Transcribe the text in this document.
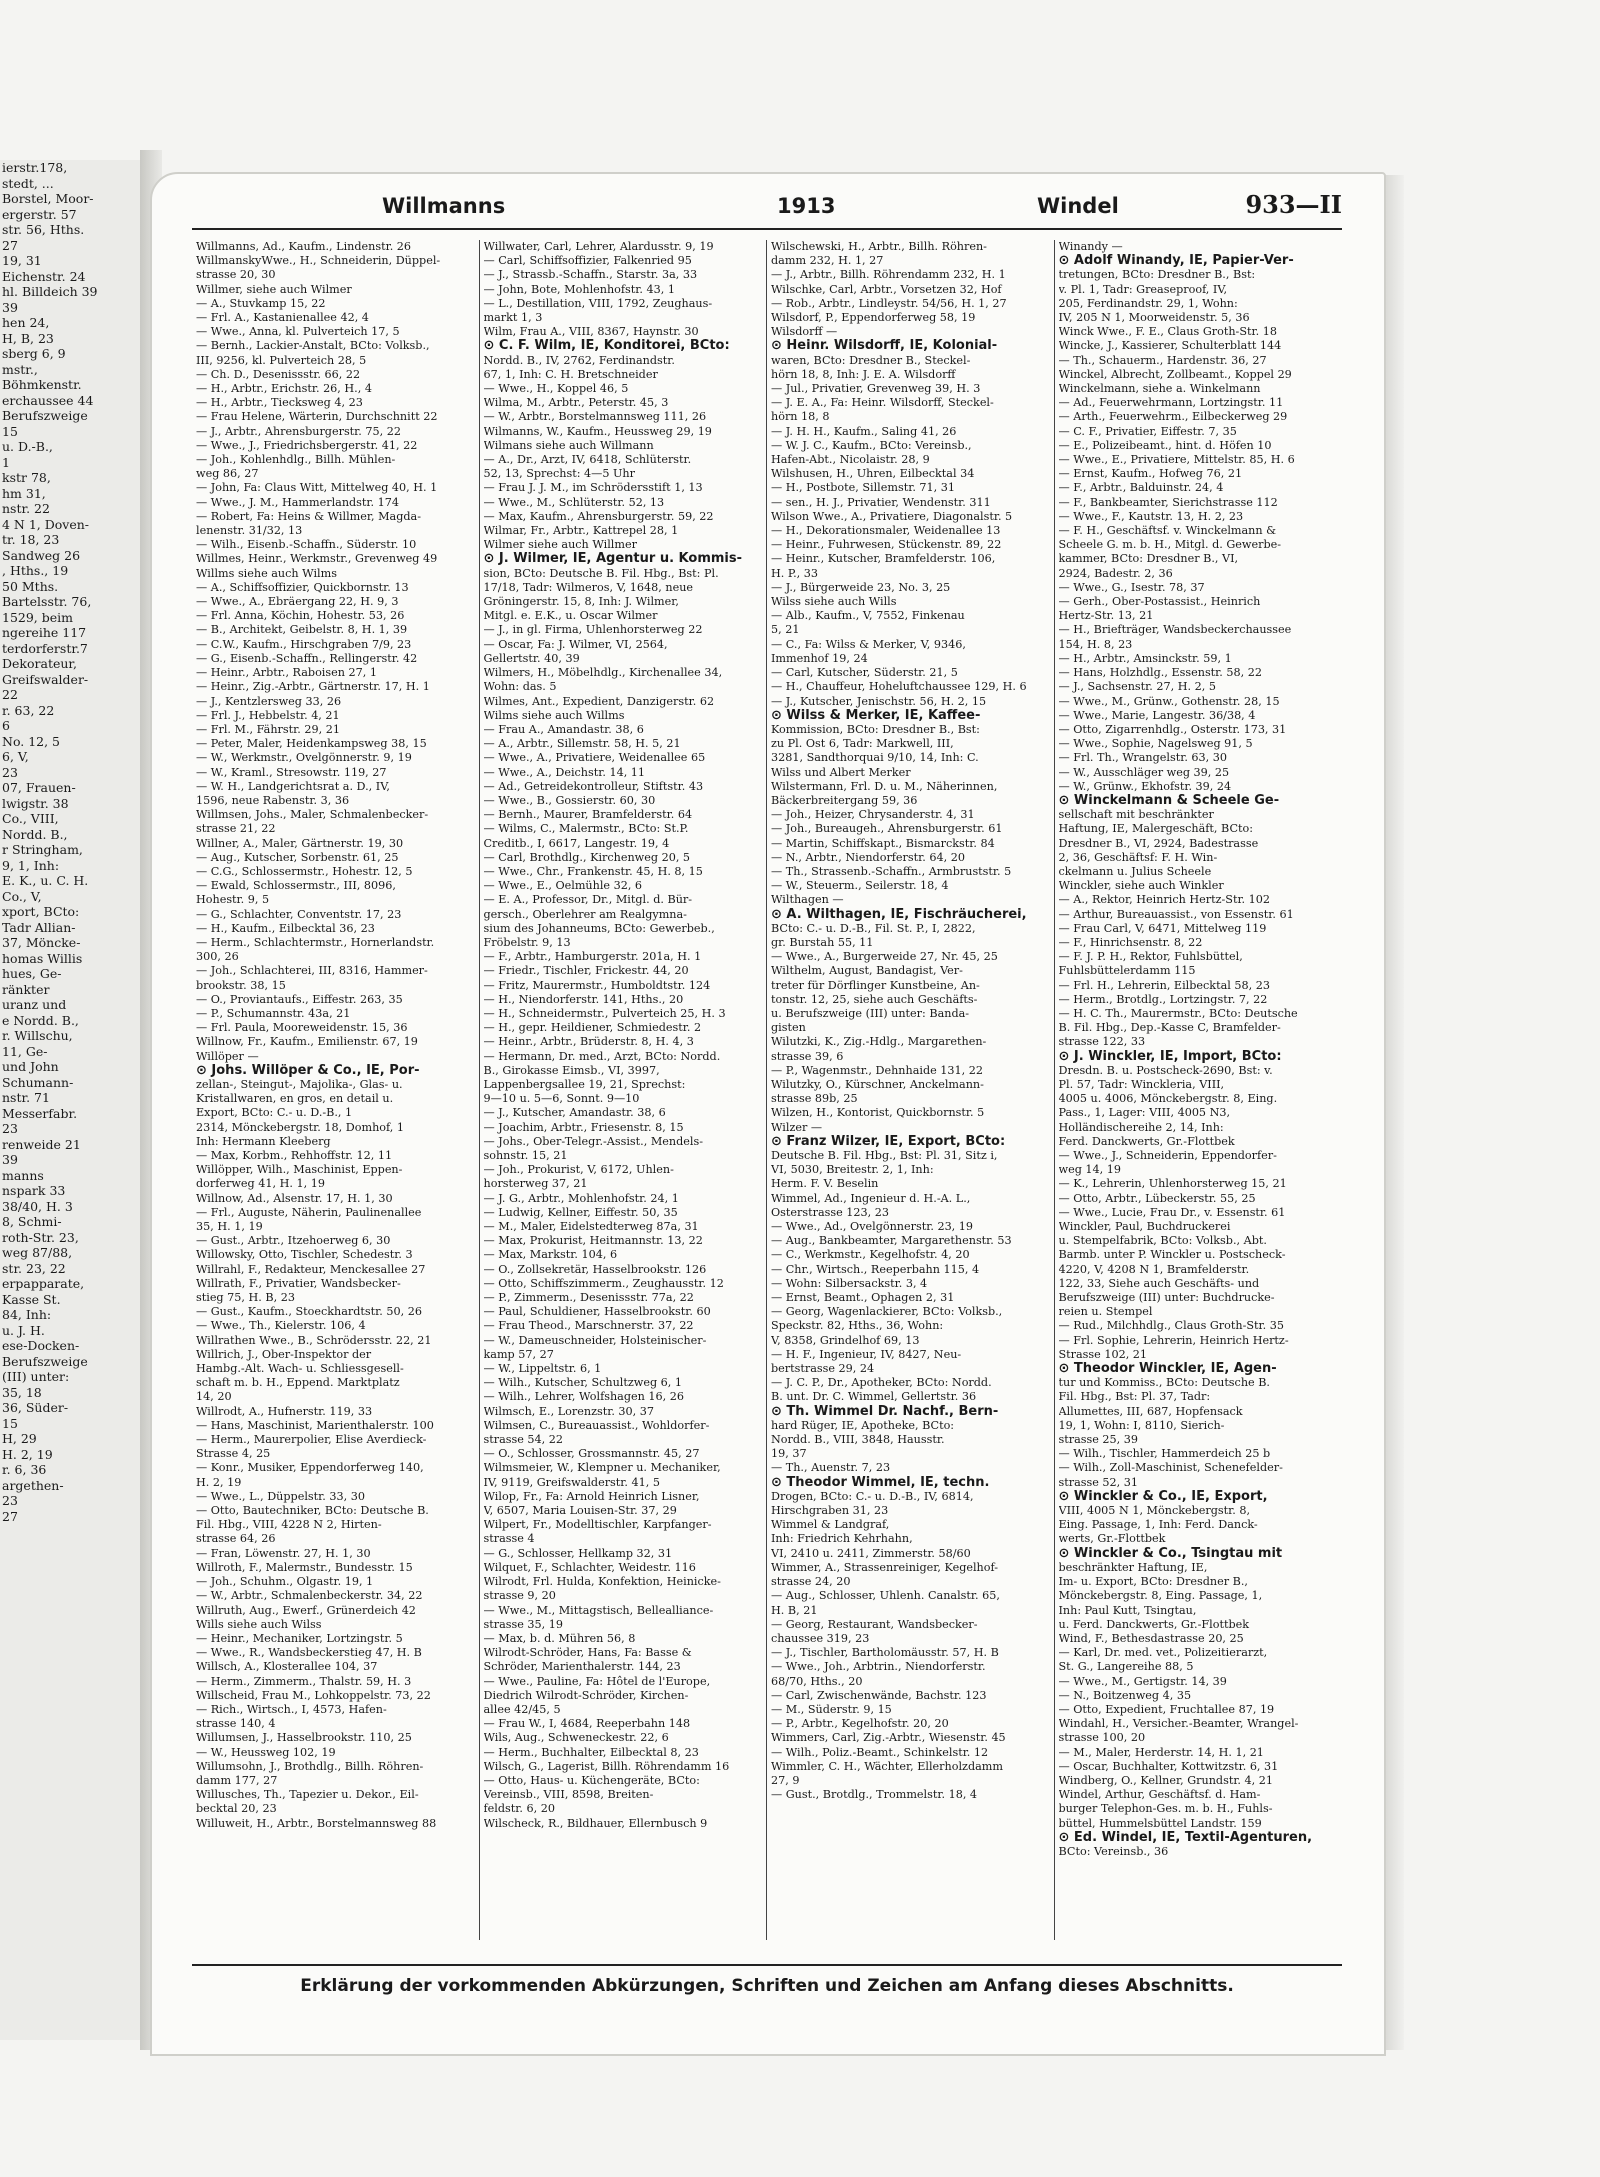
ierstr.178,
stedt, ...
Borstel, Moor-
ergerstr. 57
str. 56, Hths.
27
19, 31
Eichenstr. 24
hl. Billdeich 39
39
hen 24,
H, B, 23
sberg 6, 9
mstr.,
Böhmkenstr.
erchaussee 44
Berufszweige
15
u. D.-B.,
1
kstr 78,
hm 31,
nstr. 22
4 N 1, Doven-
tr. 18, 23
Sandweg 26
, Hths., 19
50 Mths.
Bartelsstr. 76,
1529, beim
ngereihe 117
terdorferstr.7
Dekorateur,
Greifswalder-
22
r. 63, 22
6
No. 12, 5
6, V,
23
07, Frauen-
lwigstr. 38
Co., VIII,
Nordd. B.,
r Stringham,
9, 1, Inh:
E. K., u. C. H.
Co., V,
xport, BCto:
Tadr Allian-
37, Möncke-
homas Willis
hues, Ge-
ränkter
uranz und
e Nordd. B.,
r. Willschu,
11, Ge-
und John
Schumann-
nstr. 71
Messerfabr.
23
renweide 21
39
manns
nspark 33
38/40, H. 3
8, Schmi-
roth-Str. 23,
weg 87/88,
str. 23, 22
erpapparate,
Kasse St.
84, Inh:
u. J. H.
ese-Docken-
Berufszweige
(III) unter:
35, 18
36, Süder-
15
H, 29
H. 2, 19
r. 6, 36
argethen-
23
27
Willmanns	1913	Windel	933—II
Willmanns, Ad., Kaufm., Lindenstr. 26
WillmanskyWwe., H., Schneiderin, Düppel-
strasse 20, 30
Willmer, siehe auch Wilmer
— A., Stuvkamp 15, 22
— Frl. A., Kastanienallee 42, 4
— Wwe., Anna, kl. Pulverteich 17, 5
— Bernh., Lackier-Anstalt, BCto: Volksb.,
III, 9256, kl. Pulverteich 28, 5
— Ch. D., Desenissstr. 66, 22
— H., Arbtr., Erichstr. 26, H., 4
— H., Arbtr., Tiecksweg 4, 23
— Frau Helene, Wärterin, Durchschnitt 22
— J., Arbtr., Ahrensburgerstr. 75, 22
— Wwe., J., Friedrichsbergerstr. 41, 22
— Joh., Kohlenhdlg., Billh. Mühlen-
weg 86, 27
— John, Fa: Claus Witt, Mittelweg 40, H. 1
— Wwe., J. M., Hammerlandstr. 174
— Robert, Fa: Heins & Willmer, Magda-
lenenstr. 31/32, 13
— Wilh., Eisenb.-Schaffn., Süderstr. 10
Willmes, Heinr., Werkmstr., Grevenweg 49
Willms siehe auch Wilms
— A., Schiffsoffizier, Quickbornstr. 13
— Wwe., A., Ebräergang 22, H. 9, 3
— Frl. Anna, Köchin, Hohestr. 53, 26
— B., Architekt, Geibelstr. 8, H. 1, 39
— C.W., Kaufm., Hirschgraben 7/9, 23
— G., Eisenb.-Schaffn., Rellingerstr. 42
— Heinr., Arbtr., Raboisen 27, 1
— Heinr., Zig.-Arbtr., Gärtnerstr. 17, H. 1
— J., Kentzlersweg 33, 26
— Frl. J., Hebbelstr. 4, 21
— Frl. M., Fährstr. 29, 21
— Peter, Maler, Heidenkampsweg 38, 15
— W., Werkmstr., Ovelgönnerstr. 9, 19
— W., Kraml., Stresowstr. 119, 27
— W. H., Landgerichtsrat a. D., IV,
1596, neue Rabenstr. 3, 36
Willmsen, Johs., Maler, Schmalenbecker-
strasse 21, 22
Willner, A., Maler, Gärtnerstr. 19, 30
— Aug., Kutscher, Sorbenstr. 61, 25
— C.G., Schlossermstr., Hohestr. 12, 5
— Ewald, Schlossermstr., III, 8096,
Hohestr. 9, 5
— G., Schlachter, Conventstr. 17, 23
— H., Kaufm., Eilbecktal 36, 23
— Herm., Schlachtermstr., Hornerlandstr.
300, 26
— Joh., Schlachterei, III, 8316, Hammer-
brookstr. 38, 15
— O., Proviantaufs., Eiffestr. 263, 35
— P., Schumannstr. 43a, 21
— Frl. Paula, Mooreweidenstr. 15, 36
Willnow, Fr., Kaufm., Emilienstr. 67, 19
Willöper —
⊙ Johs. Willöper & Co., IE, Por-
zellan-, Steingut-, Majolika-, Glas- u.
Kristallwaren, en gros, en detail u.
Export, BCto: C.- u. D.-B., 1
2314, Mönckebergstr. 18, Domhof, 1
Inh: Hermann Kleeberg
— Max, Korbm., Rehhoffstr. 12, 11
Willöpper, Wilh., Maschinist, Eppen-
dorferweg 41, H. 1, 19
Willnow, Ad., Alsenstr. 17, H. 1, 30
— Frl., Auguste, Näherin, Paulinenallee
35, H. 1, 19
— Gust., Arbtr., Itzehoerweg 6, 30
Willowsky, Otto, Tischler, Schedestr. 3
Willrahl, F., Redakteur, Menckesallee 27
Willrath, F., Privatier, Wandsbecker-
stieg 75, H. B, 23
— Gust., Kaufm., Stoeckhardtstr. 50, 26
— Wwe., Th., Kielerstr. 106, 4
Willrathen Wwe., B., Schrödersstr. 22, 21
Willrich, J., Ober-Inspektor der
Hambg.-Alt. Wach- u. Schliessgesell-
schaft m. b. H., Eppend. Marktplatz
14, 20
Willrodt, A., Hufnerstr. 119, 33
— Hans, Maschinist, Marienthalerstr. 100
— Herm., Maurerpolier, Elise Averdieck-
Strasse 4, 25
— Konr., Musiker, Eppendorferweg 140,
H. 2, 19
— Wwe., L., Düppelstr. 33, 30
— Otto, Bautechniker, BCto: Deutsche B.
Fil. Hbg., VIII, 4228 N 2, Hirten-
strasse 64, 26
— Fran, Löwenstr. 27, H. 1, 30
Willroth, F., Malermstr., Bundesstr. 15
— Joh., Schuhm., Olgastr. 19, 1
— W., Arbtr., Schmalenbeckerstr. 34, 22
Willruth, Aug., Ewerf., Grünerdeich 42
Wills siehe auch Wilss
— Heinr., Mechaniker, Lortzingstr. 5
— Wwe., R., Wandsbeckerstieg 47, H. B
Willsch, A., Klosterallee 104, 37
— Herm., Zimmerm., Thalstr. 59, H. 3
Willscheid, Frau M., Lohkoppelstr. 73, 22
— Rich., Wirtsch., I, 4573, Hafen-
strasse 140, 4
Willumsen, J., Hasselbrookstr. 110, 25
— W., Heussweg 102, 19
Willumsohn, J., Brothdlg., Billh. Röhren-
damm 177, 27
Willusches, Th., Tapezier u. Dekor., Eil-
becktal 20, 23
Willuweit, H., Arbtr., Borstelmannsweg 88
Willwater, Carl, Lehrer, Alardusstr. 9, 19
— Carl, Schiffsoffizier, Falkenried 95
— J., Strassb.-Schaffn., Starstr. 3a, 33
— John, Bote, Mohlenhofstr. 43, 1
— L., Destillation, VIII, 1792, Zeughaus-
markt 1, 3
Wilm, Frau A., VIII, 8367, Haynstr. 30
⊙ C. F. Wilm, IE, Konditorei, BCto:
Nordd. B., IV, 2762, Ferdinandstr.
67, 1, Inh: C. H. Bretschneider
— Wwe., H., Koppel 46, 5
Wilma, M., Arbtr., Peterstr. 45, 3
— W., Arbtr., Borstelmannsweg 111, 26
Wilmanns, W., Kaufm., Heussweg 29, 19
Wilmans siehe auch Willmann
— A., Dr., Arzt, IV, 6418, Schlüterstr.
52, 13, Sprechst: 4—5 Uhr
— Frau J. J. M., im Schrödersstift 1, 13
— Wwe., M., Schlüterstr. 52, 13
— Max, Kaufm., Ahrensburgerstr. 59, 22
Wilmar, Fr., Arbtr., Kattrepel 28, 1
Wilmer siehe auch Willmer
⊙ J. Wilmer, IE, Agentur u. Kommis-
sion, BCto: Deutsche B. Fil. Hbg., Bst: Pl.
17/18, Tadr: Wilmeros, V, 1648, neue
Gröningerstr. 15, 8, Inh: J. Wilmer,
Mitgl. e. E.K., u. Oscar Wilmer
— J., in gl. Firma, Uhlenhorsterweg 22
— Oscar, Fa: J. Wilmer, VI, 2564,
Gellertstr. 40, 39
Wilmers, H., Möbelhdlg., Kirchenallee 34,
Wohn: das. 5
Wilmes, Ant., Expedient, Danzigerstr. 62
Wilms siehe auch Willms
— Frau A., Amandastr. 38, 6
— A., Arbtr., Sillemstr. 58, H. 5, 21
— Wwe., A., Privatiere, Weidenallee 65
— Wwe., A., Deichstr. 14, 11
— Ad., Getreidekontrolleur, Stiftstr. 43
— Wwe., B., Gossierstr. 60, 30
— Bernh., Maurer, Bramfelderstr. 64
— Wilms, C., Malermstr., BCto: St.P.
Creditb., I, 6617, Langestr. 19, 4
— Carl, Brothdlg., Kirchenweg 20, 5
— Wwe., Chr., Frankenstr. 45, H. 8, 15
— Wwe., E., Oelmühle 32, 6
— E. A., Professor, Dr., Mitgl. d. Bür-
gersch., Oberlehrer am Realgymna-
sium des Johanneums, BCto: Gewerbeb.,
Fröbelstr. 9, 13
— F., Arbtr., Hamburgerstr. 201a, H. 1
— Friedr., Tischler, Frickestr. 44, 20
— Fritz, Maurermstr., Humboldtstr. 124
— H., Niendorferstr. 141, Hths., 20
— H., Schneidermstr., Pulverteich 25, H. 3
— H., gepr. Heildiener, Schmiedestr. 2
— Heinr., Arbtr., Brüderstr. 8, H. 4, 3
— Hermann, Dr. med., Arzt, BCto: Nordd.
B., Girokasse Eimsb., VI, 3997,
Lappenbergsallee 19, 21, Sprechst:
9—10 u. 5—6, Sonnt. 9—10
— J., Kutscher, Amandastr. 38, 6
— Joachim, Arbtr., Friesenstr. 8, 15
— Johs., Ober-Telegr.-Assist., Mendels-
sohnstr. 15, 21
— Joh., Prokurist, V, 6172, Uhlen-
horsterweg 37, 21
— J. G., Arbtr., Mohlenhofstr. 24, 1
— Ludwig, Kellner, Eiffestr. 50, 35
— M., Maler, Eidelstedterweg 87a, 31
— Max, Prokurist, Heitmannstr. 13, 22
— Max, Markstr. 104, 6
— O., Zollsekretär, Hasselbrookstr. 126
— Otto, Schiffszimmerm., Zeughausstr. 12
— P., Zimmerm., Desenissstr. 77a, 22
— Paul, Schuldiener, Hasselbrookstr. 60
— Frau Theod., Marschnerstr. 37, 22
— W., Dameuschneider, Holsteinischer-
kamp 57, 27
— W., Lippeltstr. 6, 1
— Wilh., Kutscher, Schultzweg 6, 1
— Wilh., Lehrer, Wolfshagen 16, 26
Wilmsch, E., Lorenzstr. 30, 37
Wilmsen, C., Bureauassist., Wohldorfer-
strasse 54, 22
— O., Schlosser, Grossmannstr. 45, 27
Wilmsmeier, W., Klempner u. Mechaniker,
IV, 9119, Greifswalderstr. 41, 5
Wilop, Fr., Fa: Arnold Heinrich Lisner,
V, 6507, Maria Louisen-Str. 37, 29
Wilpert, Fr., Modelltischler, Karpfanger-
strasse 4
— G., Schlosser, Hellkamp 32, 31
Wilquet, F., Schlachter, Weidestr. 116
Wilrodt, Frl. Hulda, Konfektion, Heinicke-
strasse 9, 20
— Wwe., M., Mittagstisch, Bellealliance-
strasse 35, 19
— Max, b. d. Mühren 56, 8
Wilrodt-Schröder, Hans, Fa: Basse &
Schröder, Marienthalerstr. 144, 23
— Wwe., Pauline, Fa: Hôtel de l'Europe,
Diedrich Wilrodt-Schröder, Kirchen-
allee 42/45, 5
— Frau W., I, 4684, Reeperbahn 148
Wils, Aug., Schweneckestr. 22, 6
— Herm., Buchhalter, Eilbecktal 8, 23
Wilsch, G., Lagerist, Billh. Röhrendamm 16
— Otto, Haus- u. Küchengeräte, BCto:
Vereinsb., VIII, 8598, Breiten-
feldstr. 6, 20
Wilscheck, R., Bildhauer, Ellernbusch 9
Wilschewski, H., Arbtr., Billh. Röhren-
damm 232, H. 1, 27
— J., Arbtr., Billh. Röhrendamm 232, H. 1
Wilschke, Carl, Arbtr., Vorsetzen 32, Hof
— Rob., Arbtr., Lindleystr. 54/56, H. 1, 27
Wilsdorf, P., Eppendorferweg 58, 19
Wilsdorff —
⊙ Heinr. Wilsdorff, IE, Kolonial-
waren, BCto: Dresdner B., Steckel-
hörn 18, 8, Inh: J. E. A. Wilsdorff
— Jul., Privatier, Grevenweg 39, H. 3
— J. E. A., Fa: Heinr. Wilsdorff, Steckel-
hörn 18, 8
— J. H. H., Kaufm., Saling 41, 26
— W. J. C., Kaufm., BCto: Vereinsb.,
Hafen-Abt., Nicolaistr. 28, 9
Wilshusen, H., Uhren, Eilbecktal 34
— H., Postbote, Sillemstr. 71, 31
— sen., H. J., Privatier, Wendenstr. 311
Wilson Wwe., A., Privatiere, Diagonalstr. 5
— H., Dekorationsmaler, Weidenallee 13
— Heinr., Fuhrwesen, Stückenstr. 89, 22
— Heinr., Kutscher, Bramfelderstr. 106,
H. P., 33
— J., Bürgerweide 23, No. 3, 25
Wilss siehe auch Wills
— Alb., Kaufm., V, 7552, Finkenau
5, 21
— C., Fa: Wilss & Merker, V, 9346,
Immenhof 19, 24
— Carl, Kutscher, Süderstr. 21, 5
— H., Chauffeur, Hoheluftchaussee 129, H. 6
— J., Kutscher, Jenischstr. 56, H. 2, 15
⊙ Wilss & Merker, IE, Kaffee-
Kommission, BCto: Dresdner B., Bst:
zu Pl. Ost 6, Tadr: Markwell, III,
3281, Sandthorquai 9/10, 14, Inh: C.
Wilss und Albert Merker
Wilstermann, Frl. D. u. M., Näherinnen,
Bäckerbreitergang 59, 36
— Joh., Heizer, Chrysanderstr. 4, 31
— Joh., Bureaugeh., Ahrensburgerstr. 61
— Martin, Schiffskapt., Bismarckstr. 84
— N., Arbtr., Niendorferstr. 64, 20
— Th., Strassenb.-Schaffn., Armbruststr. 5
— W., Steuerm., Seilerstr. 18, 4
Wilthagen —
⊙ A. Wilthagen, IE, Fischräucherei,
BCto: C.- u. D.-B., Fil. St. P., I, 2822,
gr. Burstah 55, 11
— Wwe., A., Burgerweide 27, Nr. 45, 25
Wilthelm, August, Bandagist, Ver-
treter für Dörflinger Kunstbeine, An-
tonstr. 12, 25, siehe auch Geschäfts-
u. Berufszweige (III) unter: Banda-
gisten
Wilutzki, K., Zig.-Hdlg., Margarethen-
strasse 39, 6
— P., Wagenmstr., Dehnhaide 131, 22
Wilutzky, O., Kürschner, Anckelmann-
strasse 89b, 25
Wilzen, H., Kontorist, Quickbornstr. 5
Wilzer —
⊙ Franz Wilzer, IE, Export, BCto:
Deutsche B. Fil. Hbg., Bst: Pl. 31, Sitz i,
VI, 5030, Breitestr. 2, 1, Inh:
Herm. F. V. Beselin
Wimmel, Ad., Ingenieur d. H.-A. L.,
Osterstrasse 123, 23
— Wwe., Ad., Ovelgönnerstr. 23, 19
— Aug., Bankbeamter, Margarethenstr. 53
— C., Werkmstr., Kegelhofstr. 4, 20
— Chr., Wirtsch., Reeperbahn 115, 4
— Wohn: Silbersackstr. 3, 4
— Ernst, Beamt., Ophagen 2, 31
— Georg, Wagenlackierer, BCto: Volksb.,
Speckstr. 82, Hths., 36, Wohn:
V, 8358, Grindelhof 69, 13
— H. F., Ingenieur, IV, 8427, Neu-
bertstrasse 29, 24
— J. C. P., Dr., Apotheker, BCto: Nordd.
B. unt. Dr. C. Wimmel, Gellertstr. 36
⊙ Th. Wimmel Dr. Nachf., Bern-
hard Rüger, IE, Apotheke, BCto:
Nordd. B., VIII, 3848, Hausstr.
19, 37
— Th., Auenstr. 7, 23
⊙ Theodor Wimmel, IE, techn.
Drogen, BCto: C.- u. D.-B., IV, 6814,
Hirschgraben 31, 23
Wimmel & Landgraf,
Inh: Friedrich Kehrhahn,
VI, 2410 u. 2411, Zimmerstr. 58/60
Wimmer, A., Strassenreiniger, Kegelhof-
strasse 24, 20
— Aug., Schlosser, Uhlenh. Canalstr. 65,
H. B, 21
— Georg, Restaurant, Wandsbecker-
chaussee 319, 23
— J., Tischler, Bartholomäusstr. 57, H. B
— Wwe., Joh., Arbtrin., Niendorferstr.
68/70, Hths., 20
— Carl, Zwischenwände, Bachstr. 123
— M., Süderstr. 9, 15
— P., Arbtr., Kegelhofstr. 20, 20
Wimmers, Carl, Zig.-Arbtr., Wiesenstr. 45
— Wilh., Poliz.-Beamt., Schinkelstr. 12
Wimmler, C. H., Wächter, Ellerholzdamm
27, 9
— Gust., Brotdlg., Trommelstr. 18, 4
Winandy —
⊙ Adolf Winandy, IE, Papier-Ver-
tretungen, BCto: Dresdner B., Bst:
v. Pl. 1, Tadr: Greaseproof, IV,
205, Ferdinandstr. 29, 1, Wohn:
IV, 205 N 1, Moorweidenstr. 5, 36
Winck Wwe., F. E., Claus Groth-Str. 18
Wincke, J., Kassierer, Schulterblatt 144
— Th., Schauerm., Hardenstr. 36, 27
Winckel, Albrecht, Zollbeamt., Koppel 29
Winckelmann, siehe a. Winkelmann
— Ad., Feuerwehrmann, Lortzingstr. 11
— Arth., Feuerwehrm., Eilbeckerweg 29
— C. F., Privatier, Eiffestr. 7, 35
— E., Polizeibeamt., hint. d. Höfen 10
— Wwe., E., Privatiere, Mittelstr. 85, H. 6
— Ernst, Kaufm., Hofweg 76, 21
— F., Arbtr., Balduinstr. 24, 4
— F., Bankbeamter, Sierichstrasse 112
— Wwe., F., Kautstr. 13, H. 2, 23
— F. H., Geschäftsf. v. Winckelmann &
Scheele G. m. b. H., Mitgl. d. Gewerbe-
kammer, BCto: Dresdner B., VI,
2924, Badestr. 2, 36
— Wwe., G., Isestr. 78, 37
— Gerh., Ober-Postassist., Heinrich
Hertz-Str. 13, 21
— H., Briefträger, Wandsbeckerchaussee
154, H. 8, 23
— H., Arbtr., Amsinckstr. 59, 1
— Hans, Holzhdlg., Essenstr. 58, 22
— J., Sachsenstr. 27, H. 2, 5
— Wwe., M., Grünw., Gothenstr. 28, 15
— Wwe., Marie, Langestr. 36/38, 4
— Otto, Zigarrenhdlg., Osterstr. 173, 31
— Wwe., Sophie, Nagelsweg 91, 5
— Frl. Th., Wrangelstr. 63, 30
— W., Ausschläger weg 39, 25
— W., Grünw., Ekhofstr. 39, 24
⊙ Winckelmann & Scheele Ge-
sellschaft mit beschränkter
Haftung, IE, Malergeschäft, BCto:
Dresdner B., VI, 2924, Badestrasse
2, 36, Geschäftsf: F. H. Win-
ckelmann u. Julius Scheele
Winckler, siehe auch Winkler
— A., Rektor, Heinrich Hertz-Str. 102
— Arthur, Bureauassist., von Essenstr. 61
— Frau Carl, V, 6471, Mittelweg 119
— F., Hinrichsenstr. 8, 22
— F. J. P. H., Rektor, Fuhlsbüttel,
Fuhlsbüttelerdamm 115
— Frl. H., Lehrerin, Eilbecktal 58, 23
— Herm., Brotdlg., Lortzingstr. 7, 22
— H. C. Th., Maurermstr., BCto: Deutsche
B. Fil. Hbg., Dep.-Kasse C, Bramfelder-
strasse 122, 33
⊙ J. Winckler, IE, Import, BCto:
Dresdn. B. u. Postscheck-2690, Bst: v.
Pl. 57, Tadr: Winckleria, VIII,
4005 u. 4006, Mönckebergstr. 8, Eing.
Pass., 1, Lager: VIII, 4005 N3,
Holländischereihe 2, 14, Inh:
Ferd. Danckwerts, Gr.-Flottbek
— Wwe., J., Schneiderin, Eppendorfer-
weg 14, 19
— K., Lehrerin, Uhlenhorsterweg 15, 21
— Otto, Arbtr., Lübeckerstr. 55, 25
— Wwe., Lucie, Frau Dr., v. Essenstr. 61
Winckler, Paul, Buchdruckerei
u. Stempelfabrik, BCto: Volksb., Abt.
Barmb. unter P. Winckler u. Postscheck-
4220, V, 4208 N 1, Bramfelderstr.
122, 33, Siehe auch Geschäfts- und
Berufszweige (III) unter: Buchdrucke-
reien u. Stempel
— Rud., Milchhdlg., Claus Groth-Str. 35
— Frl. Sophie, Lehrerin, Heinrich Hertz-
Strasse 102, 21
⊙ Theodor Winckler, IE, Agen-
tur und Kommiss., BCto: Deutsche B.
Fil. Hbg., Bst: Pl. 37, Tadr:
Allumettes, III, 687, Hopfensack
19, 1, Wohn: I, 8110, Sierich-
strasse 25, 39
— Wilh., Tischler, Hammerdeich 25 b
— Wilh., Zoll-Maschinist, Schenefelder-
strasse 52, 31
⊙ Winckler & Co., IE, Export,
VIII, 4005 N 1, Mönckebergstr. 8,
Eing. Passage, 1, Inh: Ferd. Danck-
werts, Gr.-Flottbek
⊙ Winckler & Co., Tsingtau mit
beschränkter Haftung, IE,
Im- u. Export, BCto: Dresdner B.,
Mönckebergstr. 8, Eing. Passage, 1,
Inh: Paul Kutt, Tsingtau,
u. Ferd. Danckwerts, Gr.-Flottbek
Wind, F., Bethesdastrasse 20, 25
— Karl, Dr. med. vet., Polizeitierarzt,
St. G., Langereihe 88, 5
— Wwe., M., Gertigstr. 14, 39
— N., Boitzenweg 4, 35
— Otto, Expedient, Fruchtallee 87, 19
Windahl, H., Versicher.-Beamter, Wrangel-
strasse 100, 20
— M., Maler, Herderstr. 14, H. 1, 21
— Oscar, Buchhalter, Kottwitzstr. 6, 31
Windberg, O., Kellner, Grundstr. 4, 21
Windel, Arthur, Geschäftsf. d. Ham-
burger Telephon-Ges. m. b. H., Fuhls-
büttel, Hummelsbüttel Landstr. 159
⊙ Ed. Windel, IE, Textil-Agenturen,
BCto: Vereinsb., 36
Erklärung der vorkommenden Abkürzungen, Schriften und Zeichen am Anfang dieses Abschnitts.
